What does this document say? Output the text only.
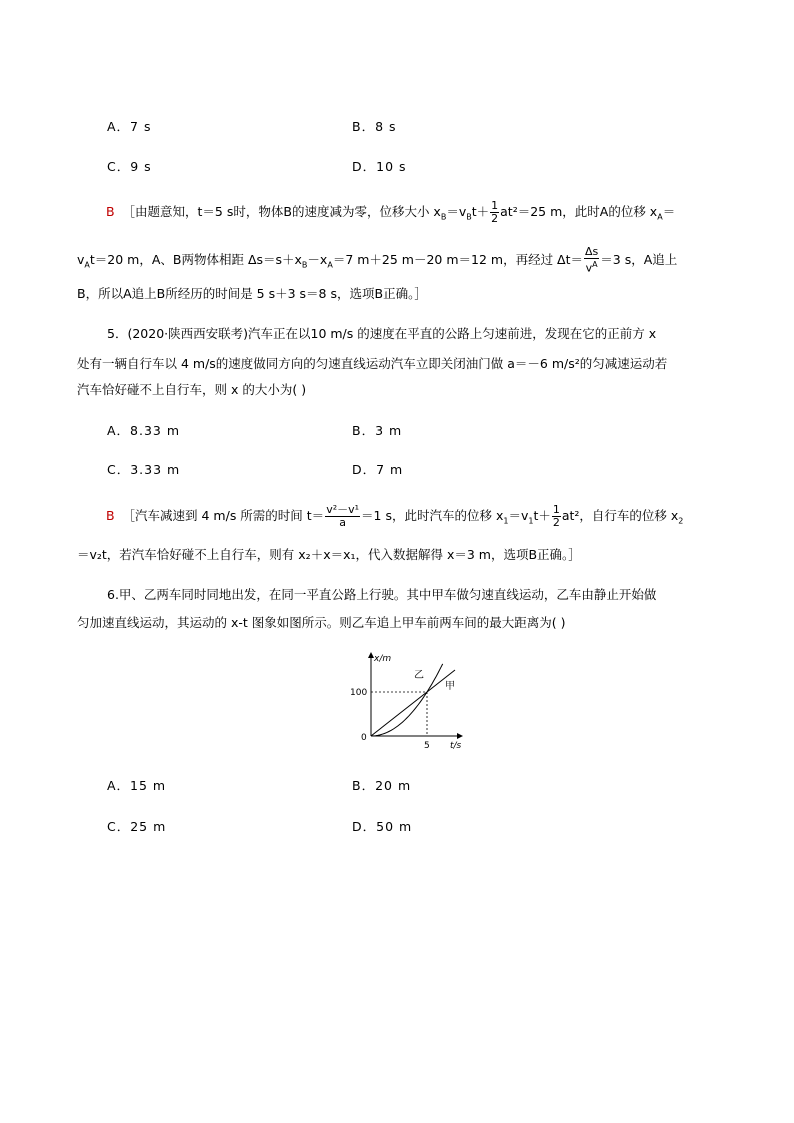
A．7 s	B．8 s
C．9 s	D．10 s
B ［由题意知，t＝5 s时，物体B的速度减为零，位移大小 $x_B=v_Bt+ \frac{1}{2} at^2=25$ m，此时A的位移 $x_A=$
$v_At=20$ m，A、B两物体相距 $\Delta s=s+x_B-x_A=7$ m＋25 m－20 m＝12 m，再经过 $\Delta t= \frac{\Delta s}{v^A} =3$ s，A追上
B，所以A追上B所经历的时间是 5 s＋3 s＝8 s，选项B正确。］
5．(2020·陕西西安联考)汽车正在以10 m/s 的速度在平直的公路上匀速前进，发现在它的正前方 x
处有一辆自行车以 4 m/s的速度做同方向的匀速直线运动汽车立即关闭油门做 a＝－6 m/s²的匀减速运动若
汽车恰好碰不上自行车，则 x 的大小为( )
A．8.33 m	B．3 m
C．3.33 m	D．7 m
B ［汽车减速到 4 m/s 所需的时间 $t= \frac{\text{v²－v¹}}{a} =1$ s，此时汽车的位移 $x_1=v_1t+ \frac{1}{2} at^2$，自行车的位移 $x_2$
＝v₂t，若汽车恰好碰不上自行车，则有 x₂＋x＝x₁，代入数据解得 x＝3 m，选项B正确。］
6.甲、乙两车同时同地出发，在同一平直公路上行驶。其中甲车做匀速直线运动，乙车由静止开始做
匀加速直线运动，其运动的 x-t 图象如图所示。则乙车追上甲车前两车间的最大距离为( )
x/m
t/s
0
100
5
乙
甲
A．15 m	B．20 m
C．25 m	D．50 m
